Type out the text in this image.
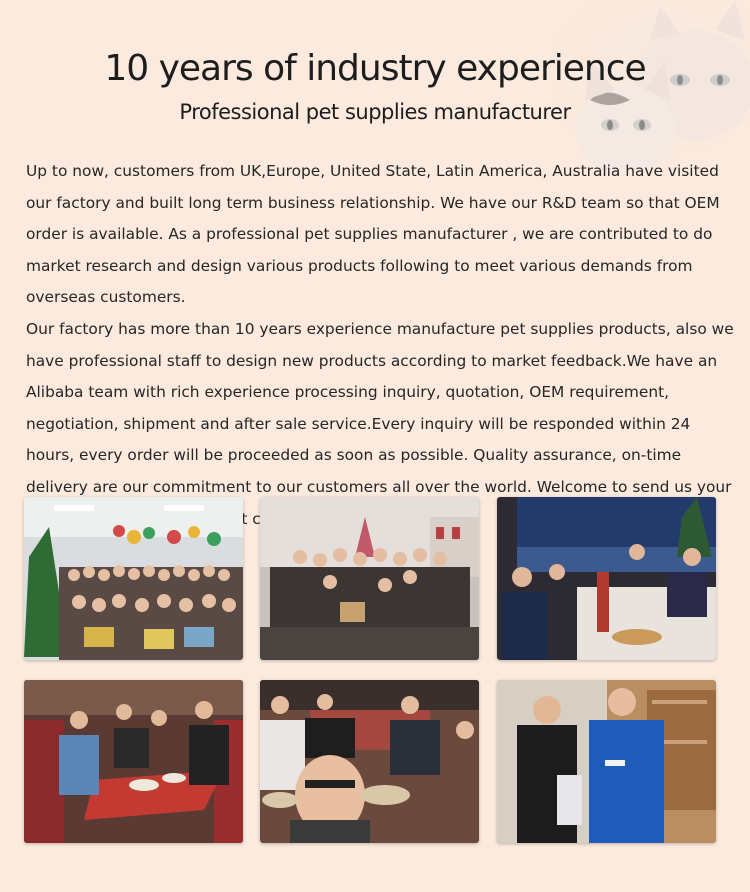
10 years of industry experience
Professional pet supplies manufacturer

Up to now, customers from UK,Europe, United State, Latin America, Australia have visited our factory and built long term business relationship. We have our R&D team so that OEM order is available. As a professional pet supplies manufacturer , we are contributed to do market research and design various products following to meet various demands from overseas customers.

Our factory has more than 10 years experience manufacture pet supplies products, also we have professional staff to design new products according to market feedback.We have an Alibaba team with rich experience processing inquiry, quotation, OEM requirement, negotiation, shipment and after sale service.Every inquiry will be responded within 24 hours, every order will be proceeded as soon as possible. Quality assurance, on-time delivery are our commitment to our customers all over the world. Welcome to send us your
